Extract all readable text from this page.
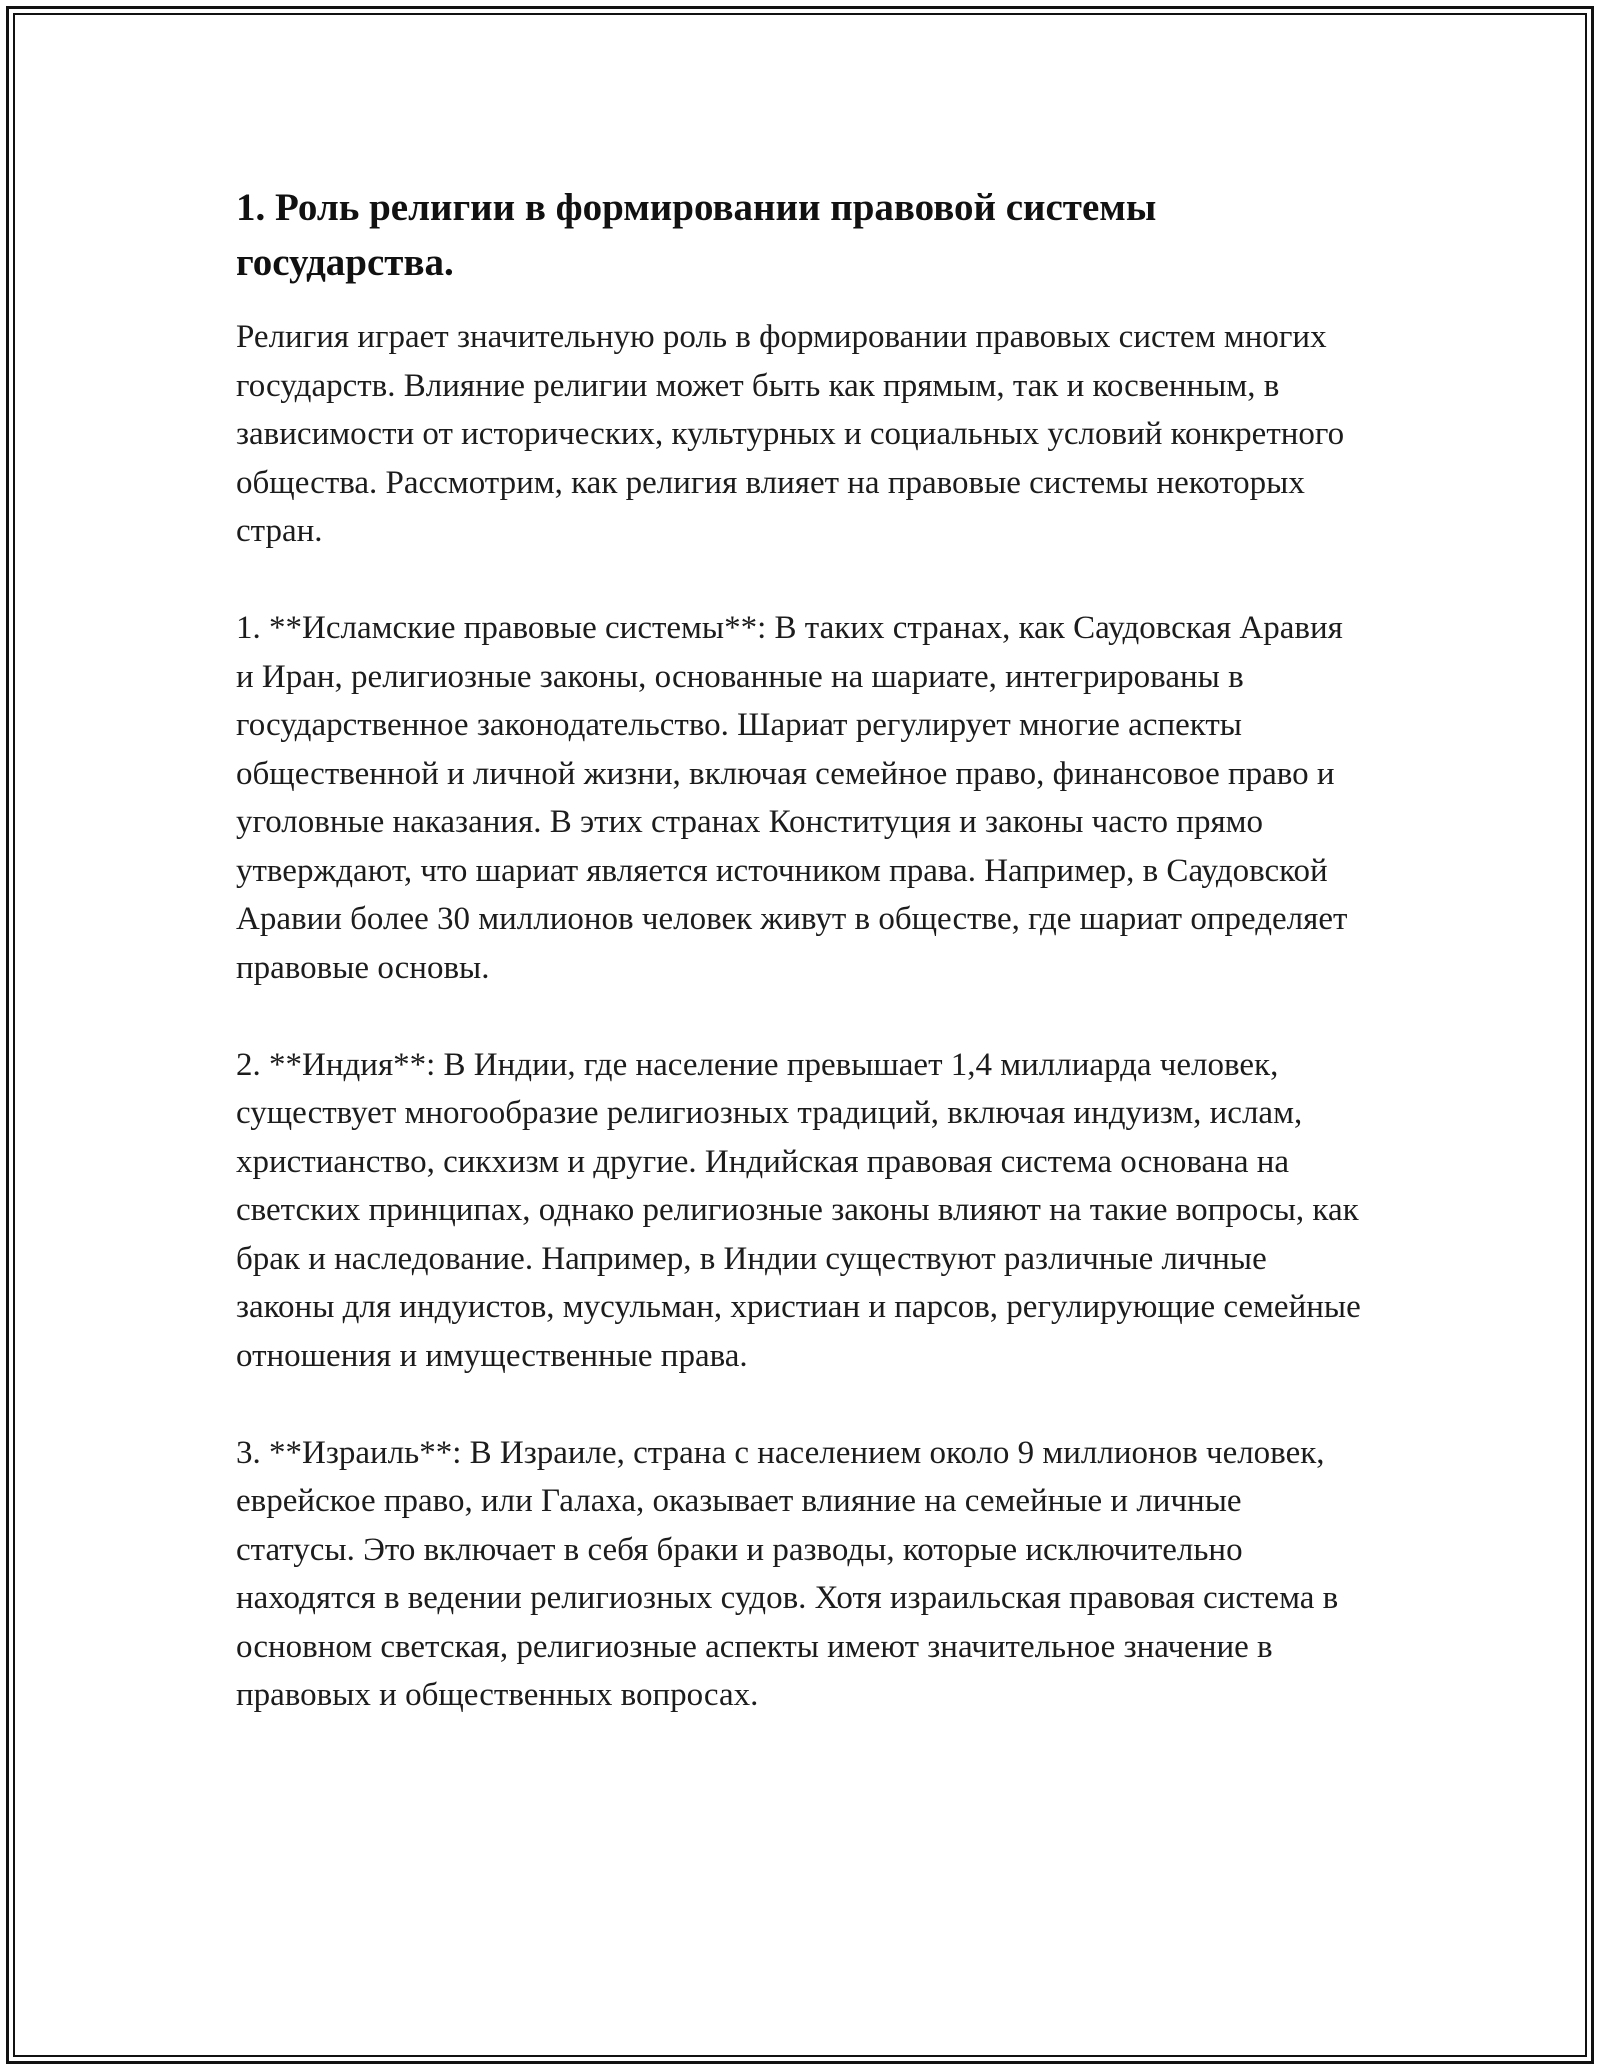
1. Роль религии в формировании правовой системы государства.

Религия играет значительную роль в формировании правовых систем многих государств. Влияние религии может быть как прямым, так и косвенным, в зависимости от исторических, культурных и социальных условий конкретного общества. Рассмотрим, как религия влияет на правовые системы некоторых стран.

1. **Исламские правовые системы**: В таких странах, как Саудовская Аравия и Иран, религиозные законы, основанные на шариате, интегрированы в государственное законодательство. Шариат регулирует многие аспекты общественной и личной жизни, включая семейное право, финансовое право и уголовные наказания. В этих странах Конституция и законы часто прямо утверждают, что шариат является источником права. Например, в Саудовской Аравии более 30 миллионов человек живут в обществе, где шариат определяет правовые основы.

2. **Индия**: В Индии, где население превышает 1,4 миллиарда человек, существует многообразие религиозных традиций, включая индуизм, ислам, христианство, сикхизм и другие. Индийская правовая система основана на светских принципах, однако религиозные законы влияют на такие вопросы, как брак и наследование. Например, в Индии существуют различные личные законы для индуистов, мусульман, христиан и парсов, регулирующие семейные отношения и имущественные права.

3. **Израиль**: В Израиле, страна с населением около 9 миллионов человек, еврейское право, или Галаха, оказывает влияние на семейные и личные статусы. Это включает в себя браки и разводы, которые исключительно находятся в ведении религиозных судов. Хотя израильская правовая система в основном светская, религиозные аспекты имеют значительное значение в правовых и общественных вопросах.
